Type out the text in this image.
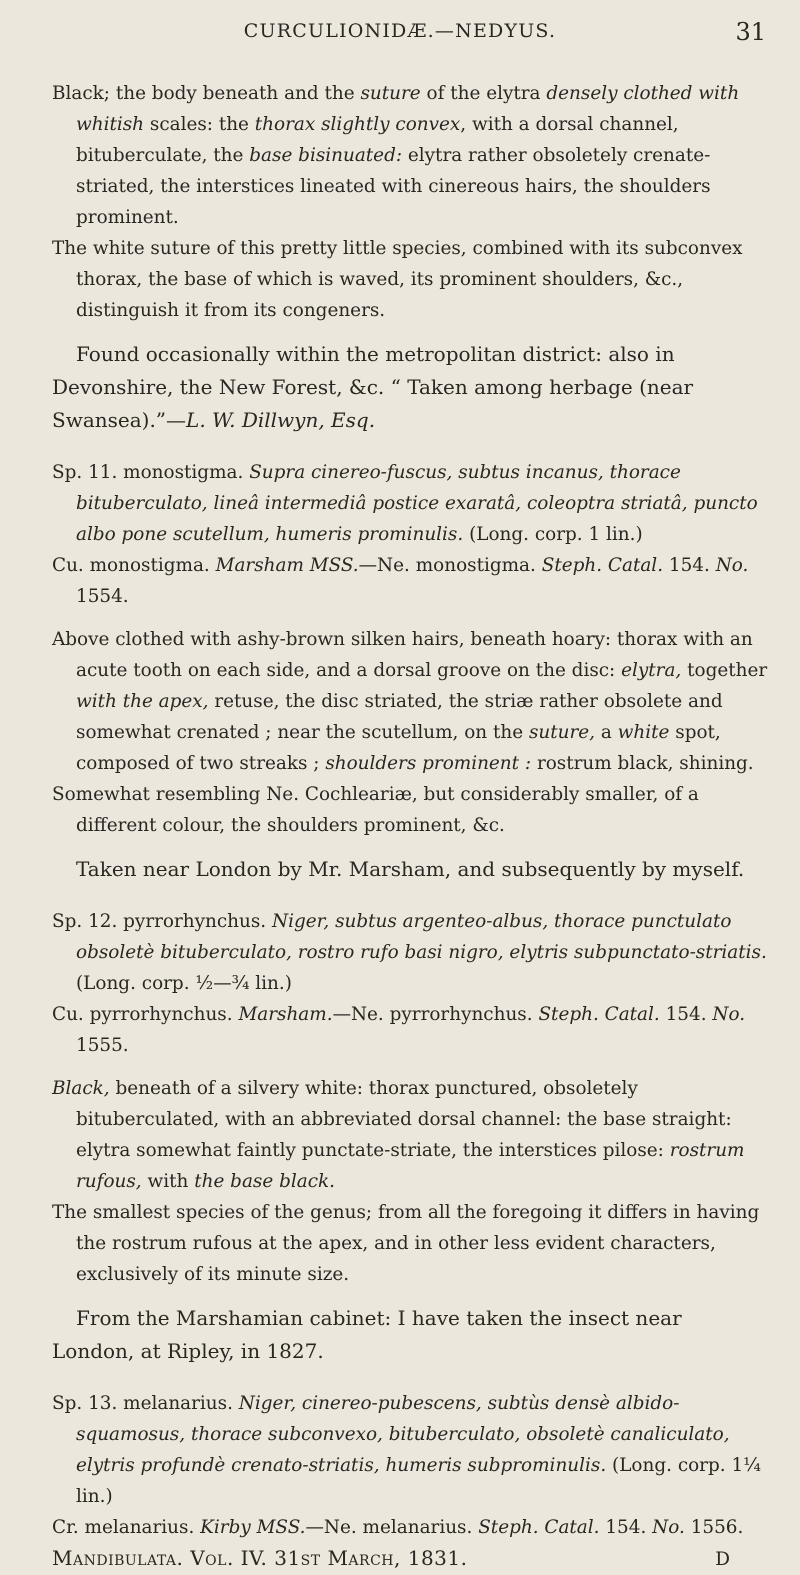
CURCULIONIDÆ.—NEDYUS.	31

Black; the body beneath and the suture of the elytra densely clothed with whitish scales: the thorax slightly convex, with a dorsal channel, bituberculate, the base bisinuated: elytra rather obsoletely crenate-striated, the interstices lineated with cinereous hairs, the shoulders prominent.

The white suture of this pretty little species, combined with its subconvex thorax, the base of which is waved, its prominent shoulders, &c., distinguish it from its congeners.

Found occasionally within the metropolitan district: also in Devonshire, the New Forest, &c. “ Taken among herbage (near Swansea).”—L. W. Dillwyn, Esq.

Sp. 11. monostigma. Supra cinereo-fuscus, subtus incanus, thorace bituberculato, lineâ intermediâ postice exaratâ, coleoptra striatâ, puncto albo pone scutellum, humeris prominulis. (Long. corp. 1 lin.)

Cu. monostigma. Marsham MSS.—Ne. monostigma. Steph. Catal. 154. No. 1554.

Above clothed with ashy-brown silken hairs, beneath hoary: thorax with an acute tooth on each side, and a dorsal groove on the disc: elytra, together with the apex, retuse, the disc striated, the striæ rather obsolete and somewhat crenated ; near the scutellum, on the suture, a white spot, composed of two streaks ; shoulders prominent : rostrum black, shining.

Somewhat resembling Ne. Cochleariæ, but considerably smaller, of a different colour, the shoulders prominent, &c.

Taken near London by Mr. Marsham, and subsequently by myself.

Sp. 12. pyrrorhynchus. Niger, subtus argenteo-albus, thorace punctulato obsoletè bituberculato, rostro rufo basi nigro, elytris subpunctato-striatis. (Long. corp. ½—¾ lin.)

Cu. pyrrorhynchus. Marsham.—Ne. pyrrorhynchus. Steph. Catal. 154. No. 1555.

Black, beneath of a silvery white: thorax punctured, obsoletely bituberculated, with an abbreviated dorsal channel: the base straight: elytra somewhat faintly punctate-striate, the interstices pilose: rostrum rufous, with the base black.

The smallest species of the genus; from all the foregoing it differs in having the rostrum rufous at the apex, and in other less evident characters, exclusively of its minute size.

From the Marshamian cabinet: I have taken the insect near London, at Ripley, in 1827.

Sp. 13. melanarius. Niger, cinereo-pubescens, subtùs densè albido-squamosus, thorace subconvexo, bituberculato, obsoletè canaliculato, elytris profundè crenato-striatis, humeris subprominulis. (Long. corp. 1¼ lin.)

Cr. melanarius. Kirby MSS.—Ne. melanarius. Steph. Catal. 154. No. 1556.

Mandibulata. Vol. IV. 31st March, 1831.	D
